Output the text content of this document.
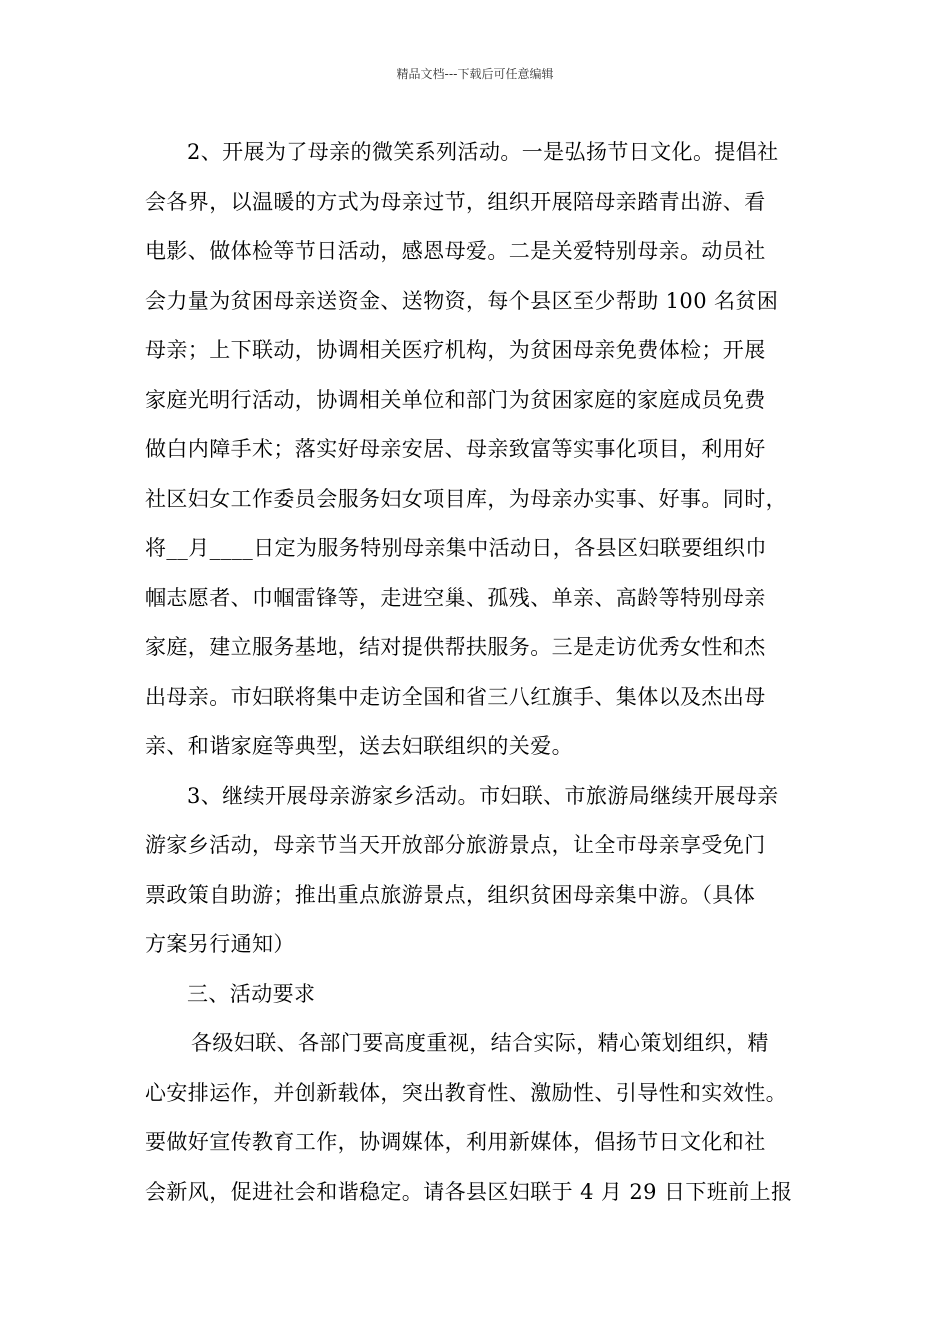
精品文档---下载后可任意编辑
2、开展为了母亲的微笑系列活动。一是弘扬节日文化。提倡社
会各界，以温暖的方式为母亲过节，组织开展陪母亲踏青出游、看
电影、做体检等节日活动，感恩母爱。二是关爱特别母亲。动员社
会力量为贫困母亲送资金、送物资，每个县区至少帮助 100 名贫困
母亲；上下联动，协调相关医疗机构，为贫困母亲免费体检；开展
家庭光明行活动，协调相关单位和部门为贫困家庭的家庭成员免费
做白内障手术；落实好母亲安居、母亲致富等实事化项目，利用好
社区妇女工作委员会服务妇女项目库，为母亲办实事、好事。同时，
将__月____日定为服务特别母亲集中活动日，各县区妇联要组织巾
帼志愿者、巾帼雷锋等，走进空巢、孤残、单亲、高龄等特别母亲
家庭，建立服务基地，结对提供帮扶服务。三是走访优秀女性和杰
出母亲。市妇联将集中走访全国和省三八红旗手、集体以及杰出母
亲、和谐家庭等典型，送去妇联组织的关爱。
3、继续开展母亲游家乡活动。市妇联、市旅游局继续开展母亲
游家乡活动，母亲节当天开放部分旅游景点，让全市母亲享受免门
票政策自助游；推出重点旅游景点，组织贫困母亲集中游。（具体
方案另行通知）
三、活动要求
各级妇联、各部门要高度重视，结合实际，精心策划组织，精
心安排运作，并创新载体，突出教育性、激励性、引导性和实效性。
要做好宣传教育工作，协调媒体，利用新媒体，倡扬节日文化和社
会新风，促进社会和谐稳定。请各县区妇联于 4 月 29 日下班前上报
